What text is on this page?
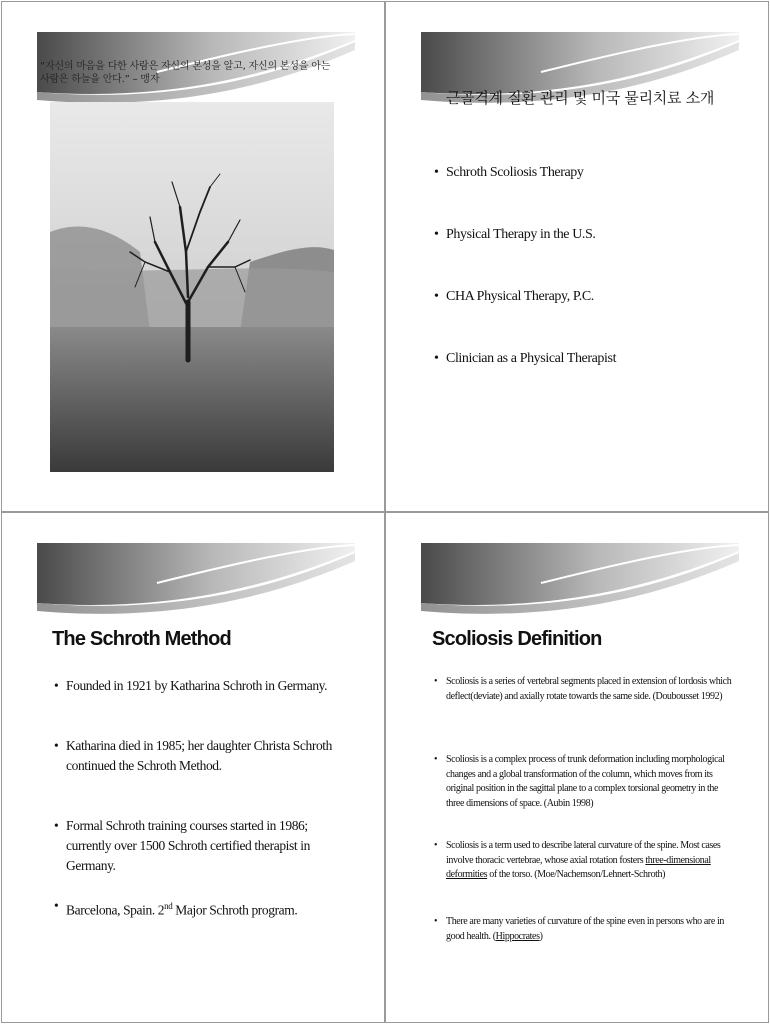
“자신의 마음을 다한 사람은 자신의 본성을 알고, 자신의 본성을 아는 사람은 하늘을 안다.” – 맹자
근골격계 질환 관리 및 미국 물리치료 소개
• Schroth Scoliosis Therapy
• Physical Therapy in the U.S.
• CHA Physical Therapy, P.C.
• Clinician as a Physical Therapist
The Schroth Method
• Founded in 1921 by Katharina Schroth in Germany.
• Katharina died in 1985; her daughter Christa Schroth continued the Schroth Method.
• Formal Schroth training courses started in 1986; currently over 1500 Schroth certified therapist in Germany.
• Barcelona, Spain. 2nd Major Schroth program.
Scoliosis Definition
• Scoliosis is a series of vertebral segments placed in extension of lordosis which deflect(deviate) and axially rotate towards the same side. (Doubousset 1992)
• Scoliosis is a complex process of trunk deformation including morphological changes and a global transformation of the column, which moves from its original position in the sagittal plane to a complex torsional geometry in the three dimensions of space. (Aubin 1998)
• Scoliosis is a term used to describe lateral curvature of the spine. Most cases involve thoracic vertebrae, whose axial rotation fosters three-dimensional deformities of the torso. (Moe/Nachemson/Lehnert-Schroth)
• There are many varieties of curvature of the spine even in persons who are in good health. (Hippocrates)
